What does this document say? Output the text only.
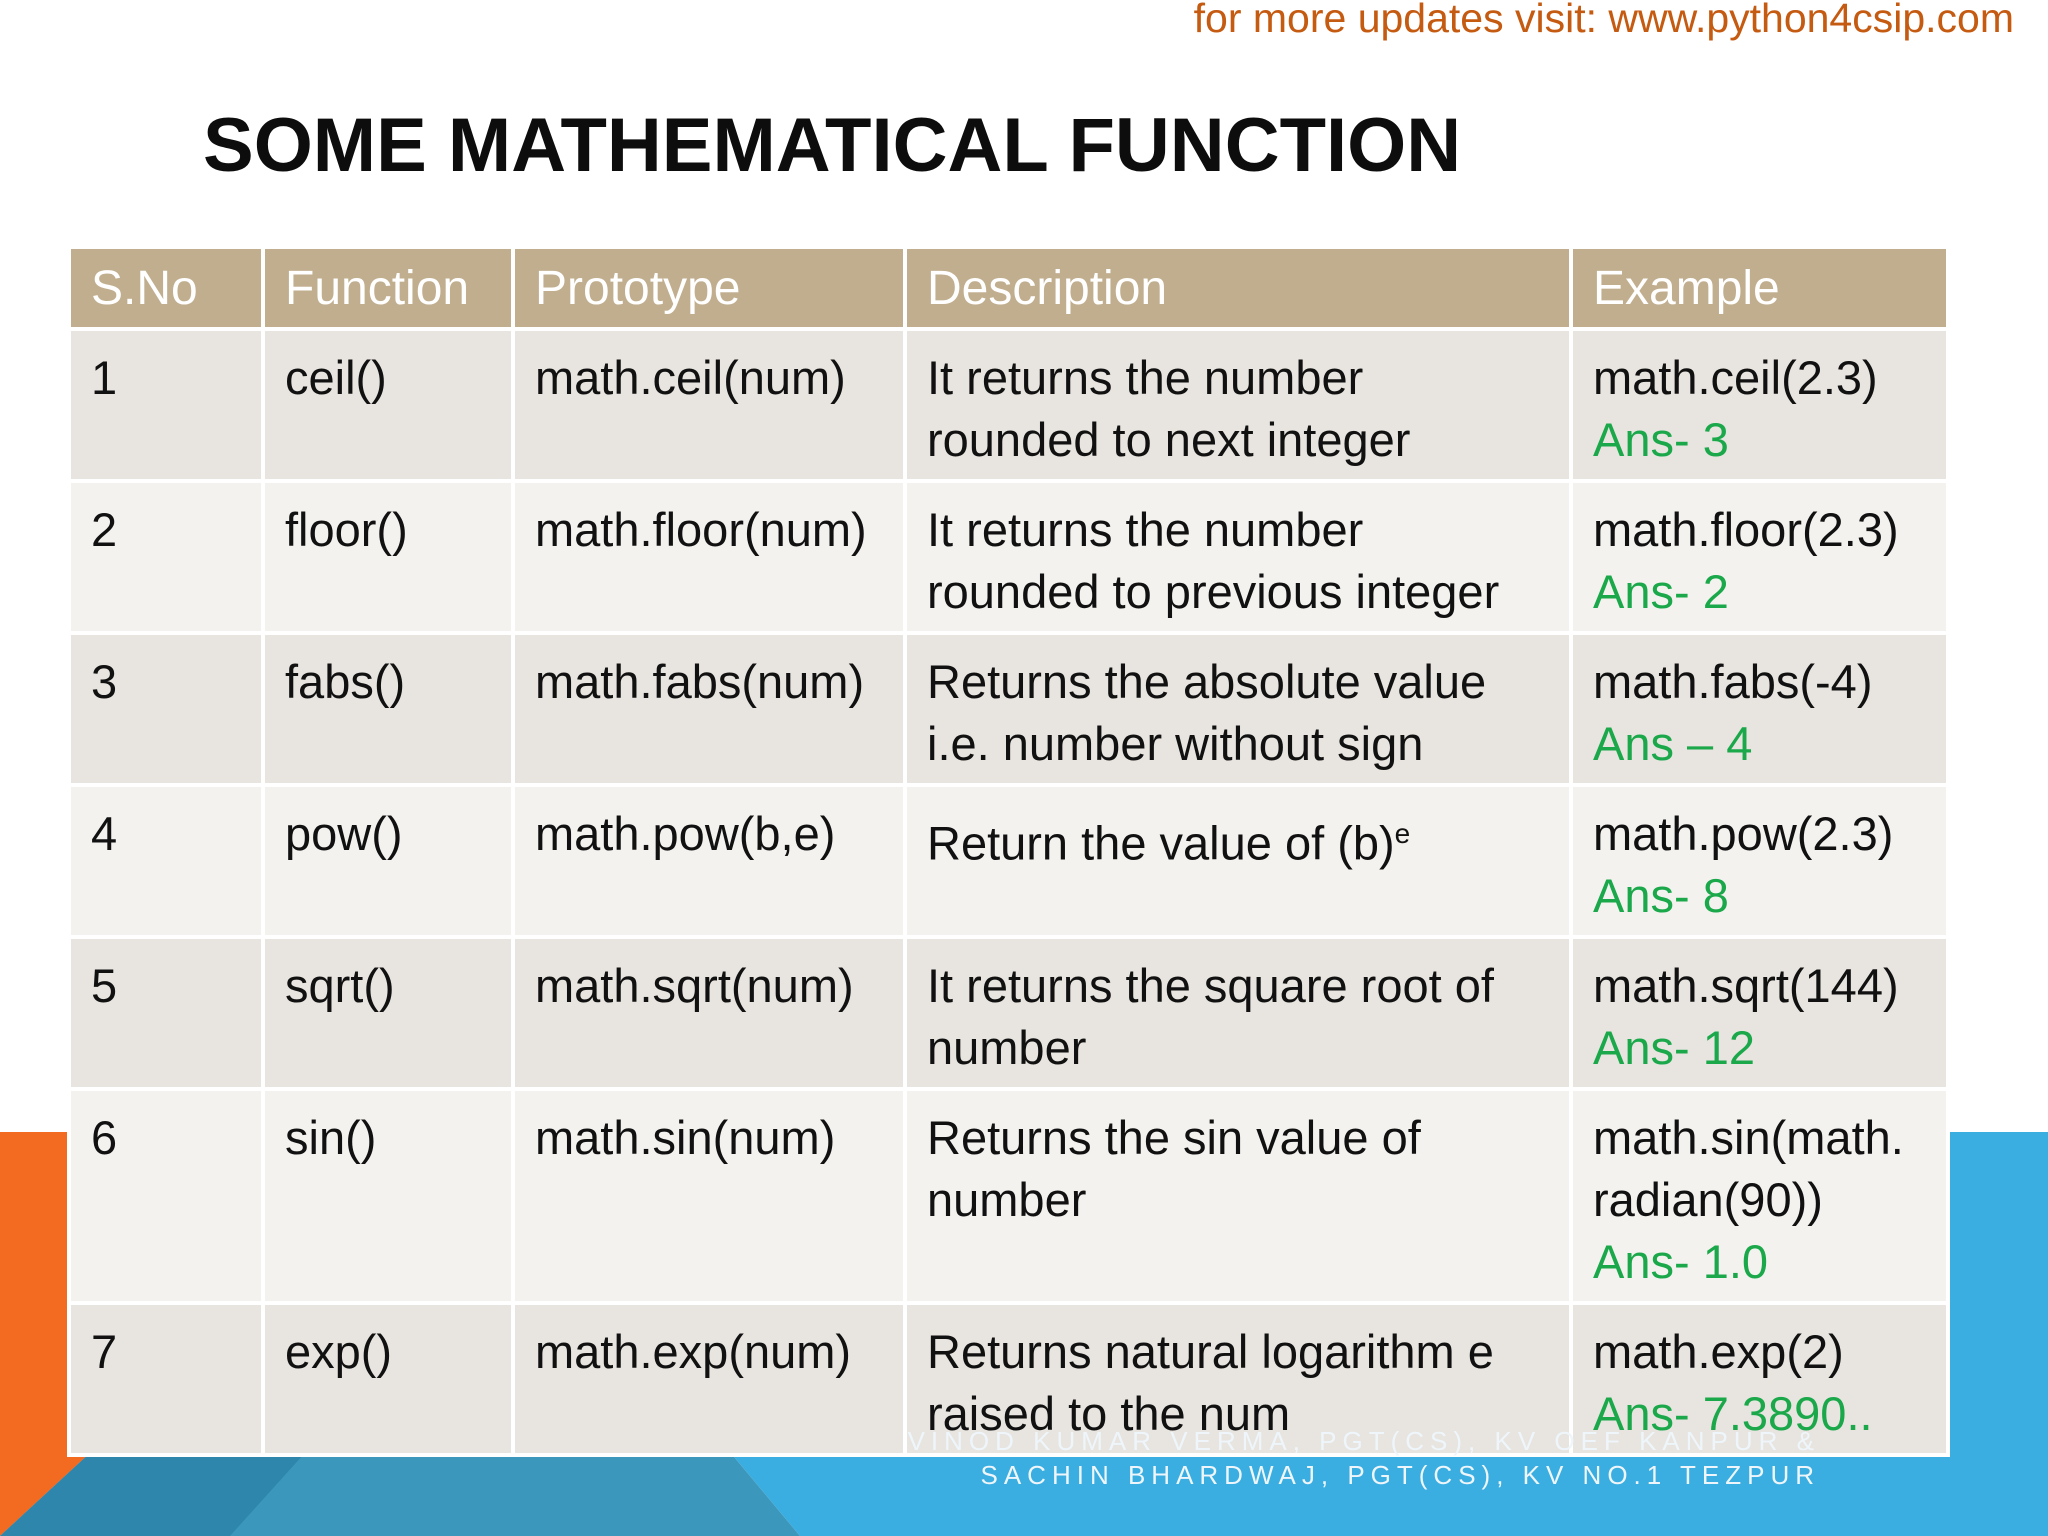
for more updates visit: www.python4csip.com
SOME MATHEMATICAL FUNCTION
S.No	Function	Prototype	Description	Example
1	ceil()	math.ceil(num)	It returns the number
rounded to next integer	math.ceil(2.3)
Ans- 3

2	floor()	math.floor(num)	It returns the number
rounded to previous integer	math.floor(2.3)
Ans- 2

3	fabs()	math.fabs(num)	Returns the absolute value
i.e. number without sign	math.fabs(-4)
Ans – 4

4	pow()	math.pow(b,e)	Return the value of $(b)^e$	math.pow(2.3)
Ans- 8

5	sqrt()	math.sqrt(num)	It returns the square root of
number	math.sqrt(144)
Ans- 12

6	sin()	math.sin(num)	Returns the sin value of
number	math.sin(math.
radian(90))
Ans- 1.0

7	exp()	math.exp(num)	Returns natural logarithm e
raised to the num	math.exp(2)
Ans- 7.3890..
VINOD KUMAR VERMA, PGT(CS), KV OEF KANPUR &
SACHIN BHARDWAJ, PGT(CS), KV NO.1 TEZPUR
